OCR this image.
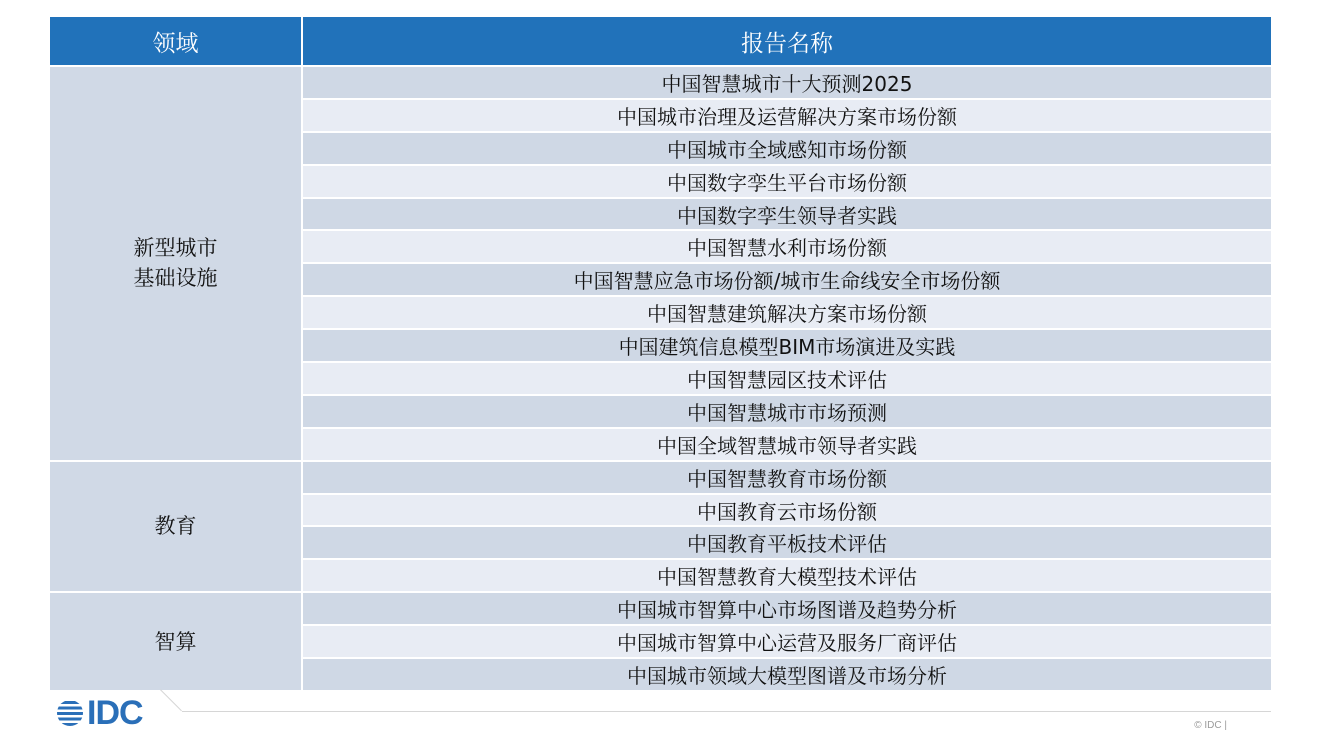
领域	报告名称
新型城市
基础设施
中国智慧城市十大预测2025
中国城市治理及运营解决方案市场份额
中国城市全域感知市场份额
中国数字孪生平台市场份额
中国数字孪生领导者实践
中国智慧水利市场份额
中国智慧应急市场份额/城市生命线安全市场份额
中国智慧建筑解决方案市场份额
中国建筑信息模型BIM市场演进及实践
中国智慧园区技术评估
中国智慧城市市场预测
中国全域智慧城市领导者实践
教育
中国智慧教育市场份额
中国教育云市场份额
中国教育平板技术评估
中国智慧教育大模型技术评估
智算
中国城市智算中心市场图谱及趋势分析
中国城市智算中心运营及服务厂商评估
中国城市领域大模型图谱及市场分析
IDC	© IDC |
